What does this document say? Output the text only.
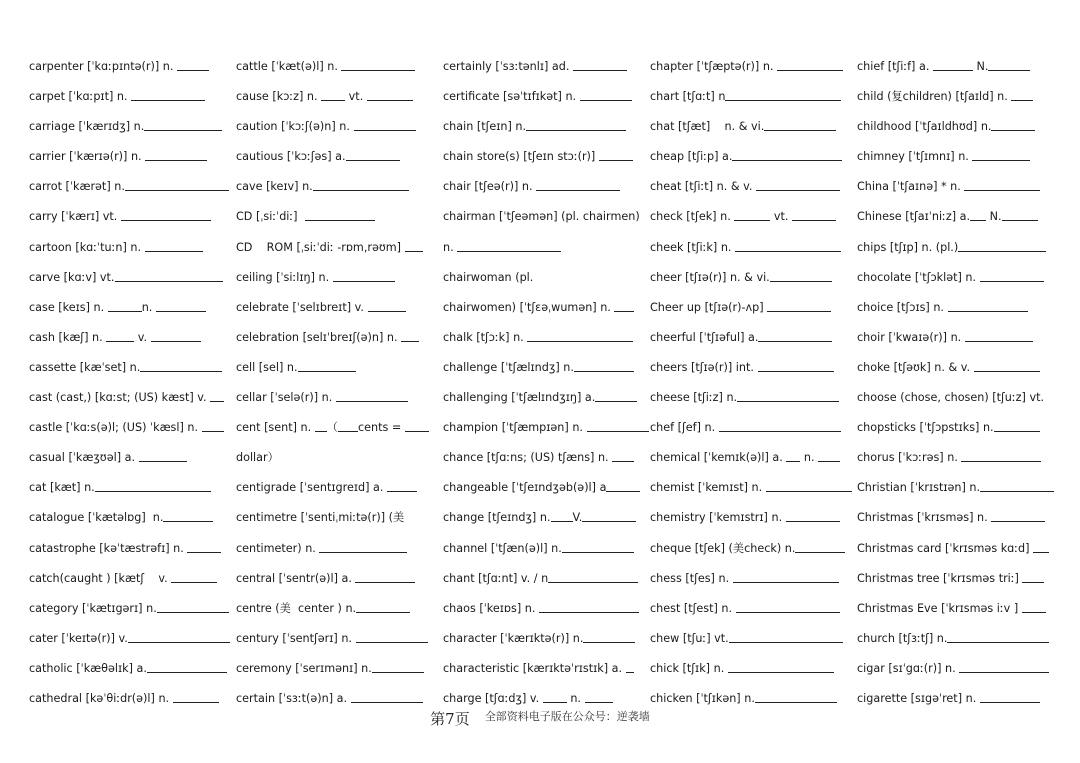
carpenter [ˈkɑːpɪntə(r)] n.
carpet [ˈkɑːpɪt] n.
carriage [ˈkærɪdʒ] n.
carrier [ˈkærɪə(r)] n.
carrot [ˈkærət] n.
carry [ˈkærɪ] vt.
cartoon [kɑːˈtuːn] n.
carve [kɑːv] vt.
case [keɪs] n.	n.
cash [kæʃ] n.	v.
cassette [kæˈset] n.
cast (cast,) [kɑːst; (US) kæst] v.
castle [ˈkɑːs(ə)l; (US) ˈkæsl] n.
casual [ˈkæʒʊəl] a.
cat [kæt] n.
catalogue [ˈkætəlɒg]  n.
catastrophe [kəˈtæstrəfɪ] n.
catch(caught ) [kætʃ    v.
category [ˈkætɪgərɪ] n.
cater [ˈkeɪtə(r)] v.
catholic [ˈkæθəlɪk] a.
cathedral [kəˈθiːdr(ə)l] n.
cattle [ˈkæt(ə)l] n.
cause [kɔːz] n.  vt.
caution [ˈkɔːʃ(ə)n] n.
cautious [ˈkɔːʃəs] a.
cave [keɪv] n.
CD [ˌsiːˈdiː]
CD    ROM [ˌsiːˈdiː -rɒm,rəʊm]
ceiling [ˈsiːlɪŋ] n.
celebrate [ˈselɪbreɪt] v.
celebration [selɪˈbreɪʃ(ə)n] n.
cell [sel] n.
cellar [ˈselə(r)] n.
cent [sent] n. （ cents =
dollar）
centigrade [ˈsentɪgreɪd] a.
centimetre [ˈsentiˌmiːtə(r)] (美
centimeter) n.
central [ˈsentr(ə)l] a.
centre (美  center ) n.
century [ˈsentʃərɪ] n.
ceremony [ˈserɪmənɪ] n.
certain [ˈsɜːt(ə)n] a.
certainly [ˈsɜːtənlɪ] ad.
certificate [səˈtɪfɪkət] n.
chain [tʃeɪn] n.
chain store(s) [tʃeɪn stɔː(r)]
chair [tʃeə(r)] n.
chairman [ˈtʃeəmən] (pl. chairmen)
n.
chairwoman (pl.
chairwomen) [ˈtʃɛəˌwumən] n.
chalk [tʃɔːk] n.
challenge [ˈtʃælɪndʒ] n.
challenging [ˈtʃælɪndʒɪŋ] a.
champion [ˈtʃæmpɪən] n.
chance [tʃɑːns; (US) tʃæns] n.
changeable [ˈtʃeɪndʒəb(ə)l] a
change [tʃeɪndʒ] n. V.
channel [ˈtʃæn(ə)l] n.
chant [tʃɑːnt] v. / n
chaos [ˈkeɪɒs] n.
character [ˈkærɪktə(r)] n.
characteristic [kærɪktəˈrɪstɪk] a.
charge [tʃɑːdʒ] v.  n.
chapter [ˈtʃæptə(r)] n.
chart [tʃɑːt] n
chat [tʃæt]    n. & vi.
cheap [tʃiːp] a.
cheat [tʃiːt] n. & v.
check [tʃek] n.	vt.
cheek [tʃiːk] n.
cheer [tʃɪə(r)] n. & vi.
Cheer up [tʃɪə(r)-ʌp]
cheerful [ˈtʃɪəful] a.
cheers [tʃɪə(r)] int.
cheese [tʃiːz] n.
chef [ʃef] n.
chemical [ˈkemɪk(ə)l] a.  n.
chemist [ˈkemɪst] n.
chemistry [ˈkemɪstrɪ] n.
cheque [tʃek] (美check) n.
chess [tʃes] n.
chest [tʃest] n.
chew [tʃuː] vt.
chick [tʃɪk] n.
chicken [ˈtʃɪkən] n.
chief [tʃiːf] a.	N.
child (复children) [tʃaɪld] n.
childhood [ˈtʃaɪldhʊd] n.
chimney [ˈtʃɪmnɪ] n.
China [ˈtʃaɪnə] * n.
Chinese [tʃaɪˈniːz] a. N.
chips [tʃɪp] n. (pl.)
chocolate [ˈtʃɔklət] n.
choice [tʃɔɪs] n.
choir [ˈkwaɪə(r)] n.
choke [tʃəʊk] n. & v.
choose (chose, chosen) [tʃuːz] vt.
chopsticks [ˈtʃɔpstɪks] n.
chorus [ˈkɔːrəs] n.
Christian [ˈkrɪstɪən] n.
Christmas [ˈkrɪsməs] n.
Christmas card [ˈkrɪsməs kɑːd]
Christmas tree [ˈkrɪsməs triː]
Christmas Eve [ˈkrɪsməs iːv ]
church [tʃɜːtʃ] n.
cigar [sɪˈgɑː(r)] n.
cigarette [sɪgəˈret] n.
第7页 $^{全部资料电子版在公众号:逆袭墙}$
